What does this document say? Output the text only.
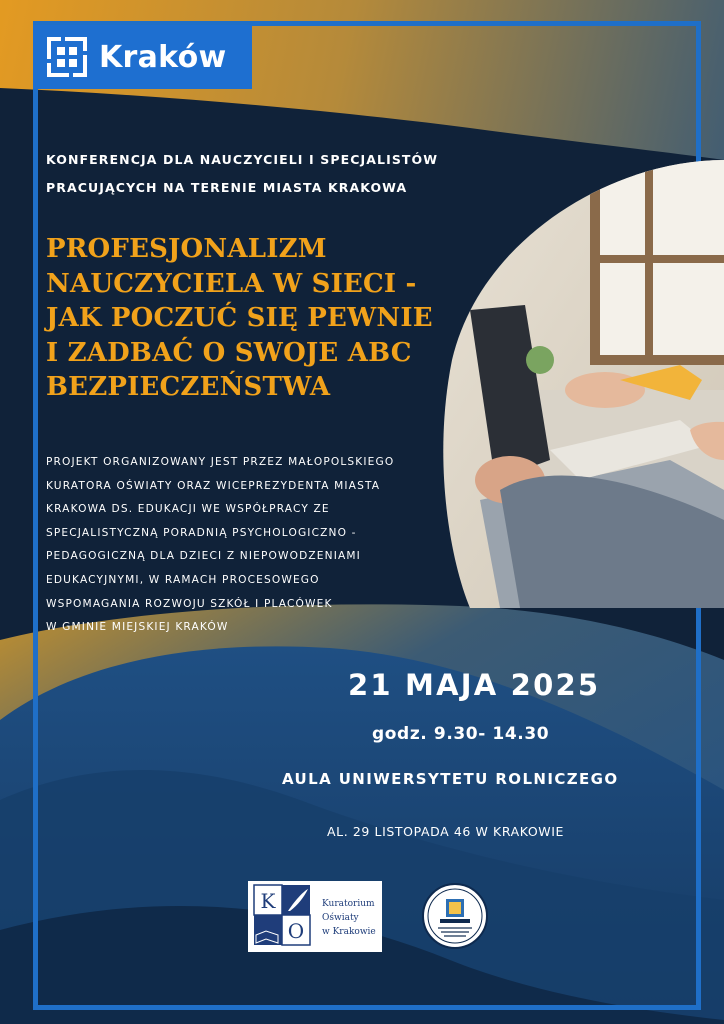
Kraków
KONFERENCJA DLA NAUCZYCIELI I SPECJALISTÓW
PRACUJĄCYCH NA TERENIE MIASTA KRAKOWA
PROFESJONALIZM
NAUCZYCIELA W SIECI -
JAK POCZUĆ SIĘ PEWNIE
I ZADBAĆ O SWOJE ABC
BEZPIECZEŃSTWA
PROJEKT ORGANIZOWANY JEST PRZEZ MAŁOPOLSKIEGO
KURATORA OŚWIATY ORAZ WICEPREZYDENTA MIASTA
KRAKOWA DS. EDUKACJI WE WSPÓŁPRACY ZE
SPECJALISTYCZNĄ PORADNIĄ PSYCHOLOGICZNO -
PEDAGOGICZNĄ DLA DZIECI Z NIEPOWODZENIAMI
EDUKACYJNYMI, W RAMACH PROCESOWEGO
WSPOMAGANIA ROZWOJU SZKÓŁ I PLACÓWEK
W GMINIE MIEJSKIEJ KRAKÓW
21 MAJA 2025
godz. 9.30- 14.30
AULA UNIWERSYTETU ROLNICZEGO
AL. 29 LISTOPADA 46 W KRAKOWIE
K
O
Kuratorium
Oświaty
w Krakowie
